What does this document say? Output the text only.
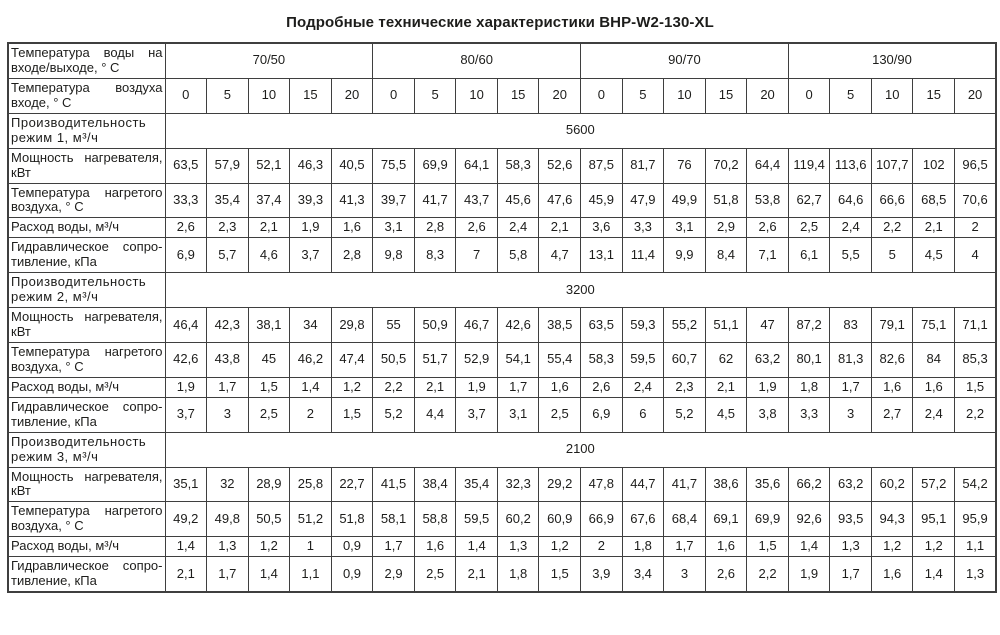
Подробные технические характеристики BHP-W2-130-XL
Температура воды на входе/выходе, ° С	70/50					80/60					90/70					130/90				
Температура воздуха входе, ° С	0	5	10	15	20	0	5	10	15	20	0	5	10	15	20	0	5	10	15	20
Производительность режим 1, м³/ч	5600																			
Мощность нагревателя, кВт	63,5	57,9	52,1	46,3	40,5	75,5	69,9	64,1	58,3	52,6	87,5	81,7	76	70,2	64,4	119,4	113,6	107,7	102	96,5
Температура нагретого воздуха, ° С	33,3	35,4	37,4	39,3	41,3	39,7	41,7	43,7	45,6	47,6	45,9	47,9	49,9	51,8	53,8	62,7	64,6	66,6	68,5	70,6
Расход воды, м³/ч	2,6	2,3	2,1	1,9	1,6	3,1	2,8	2,6	2,4	2,1	3,6	3,3	3,1	2,9	2,6	2,5	2,4	2,2	2,1	2
Гидравлическое сопротивление, кПа	6,9	5,7	4,6	3,7	2,8	9,8	8,3	7	5,8	4,7	13,1	11,4	9,9	8,4	7,1	6,1	5,5	5	4,5	4
Производительность режим 2, м³/ч	3200																			
Мощность нагревателя, кВт	46,4	42,3	38,1	34	29,8	55	50,9	46,7	42,6	38,5	63,5	59,3	55,2	51,1	47	87,2	83	79,1	75,1	71,1
Температура нагретого воздуха, ° С	42,6	43,8	45	46,2	47,4	50,5	51,7	52,9	54,1	55,4	58,3	59,5	60,7	62	63,2	80,1	81,3	82,6	84	85,3
Расход воды, м³/ч	1,9	1,7	1,5	1,4	1,2	2,2	2,1	1,9	1,7	1,6	2,6	2,4	2,3	2,1	1,9	1,8	1,7	1,6	1,6	1,5
Гидравлическое сопротивление, кПа	3,7	3	2,5	2	1,5	5,2	4,4	3,7	3,1	2,5	6,9	6	5,2	4,5	3,8	3,3	3	2,7	2,4	2,2
Производительность режим 3, м³/ч	2100																			
Мощность нагревателя, кВт	35,1	32	28,9	25,8	22,7	41,5	38,4	35,4	32,3	29,2	47,8	44,7	41,7	38,6	35,6	66,2	63,2	60,2	57,2	54,2
Температура нагретого воздуха, ° С	49,2	49,8	50,5	51,2	51,8	58,1	58,8	59,5	60,2	60,9	66,9	67,6	68,4	69,1	69,9	92,6	93,5	94,3	95,1	95,9
Расход воды, м³/ч	1,4	1,3	1,2	1	0,9	1,7	1,6	1,4	1,3	1,2	2	1,8	1,7	1,6	1,5	1,4	1,3	1,2	1,2	1,1
Гидравлическое сопротивление, кПа	2,1	1,7	1,4	1,1	0,9	2,9	2,5	2,1	1,8	1,5	3,9	3,4	3	2,6	2,2	1,9	1,7	1,6	1,4	1,3
